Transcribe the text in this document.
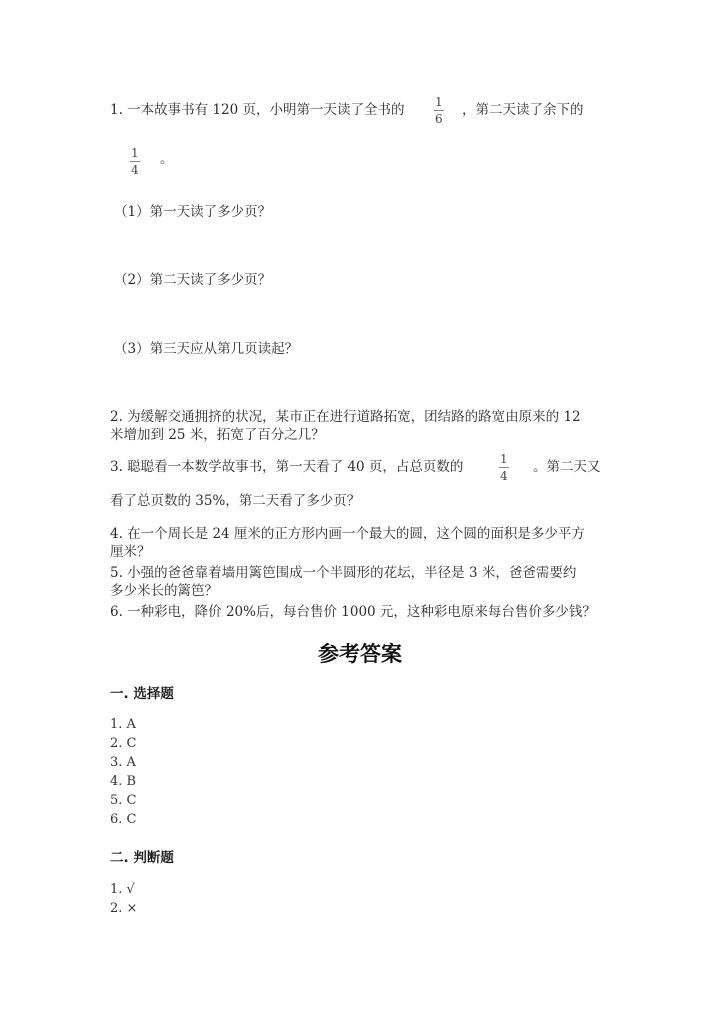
1. 一本故事书有 120 页，小明第一天读了全书的 $\frac{1}{6}$ ，第二天读了余下的
$\frac{1}{4}$ 。
（1）第一天读了多少页？
（2）第二天读了多少页？
（3）第三天应从第几页读起？
2. 为缓解交通拥挤的状况，某市正在进行道路拓宽，团结路的路宽由原来的 12
米增加到 25 米，拓宽了百分之几？
3. 聪聪看一本数学故事书，第一天看了 40 页，占总页数的	$\frac{1}{4}$ 。第二天又
看了总页数的 35%，第二天看了多少页？
4. 在一个周长是 24 厘米的正方形内画一个最大的圆，这个圆的面积是多少平方
厘米？
5. 小强的爸爸靠着墙用篱笆围成一个半圆形的花坛，半径是 3 米，爸爸需要约
多少米长的篱笆？
6. 一种彩电，降价 20%后，每台售价 1000 元，这种彩电原来每台售价多少钱？
参考答案
一. 选择题
1. A
2. C
3. A
4. B
5. C
6. C
二. 判断题
1. √
2. ×
